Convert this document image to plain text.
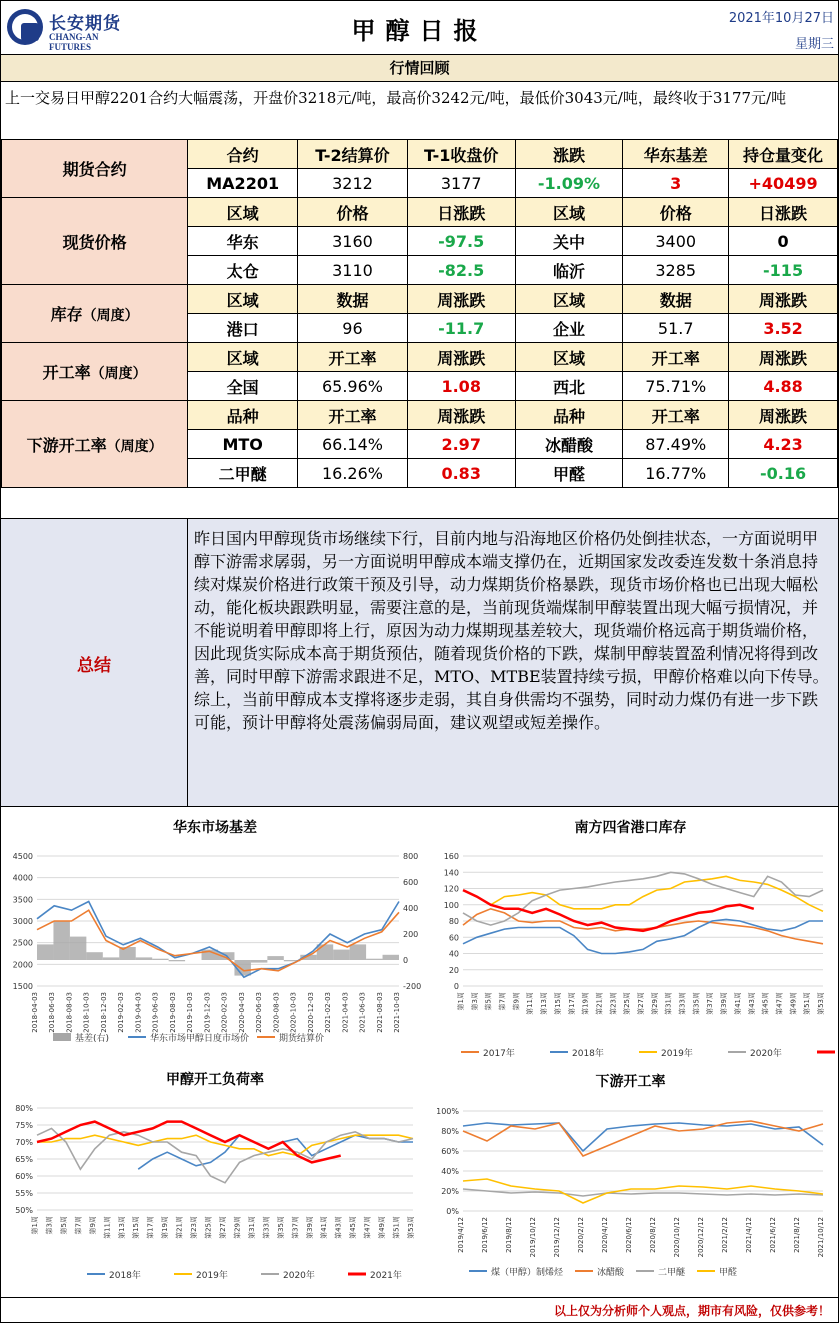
长安期货
CHANG-AN FUTURES
甲醇日报	2021年10月27日
星期三
行情回顾
上一交易日甲醇2201合约大幅震荡，开盘价3218元/吨，最高价3242元/吨，最低价3043元/吨，最终收于3177元/吨
期货合约	合约	T-2结算价	T-1收盘价	涨跌	华东基差	持仓量变化
	MA2201	3212	3177	-1.09%	3	+40499
现货价格	区域	价格	日涨跌	区域	价格	日涨跌
	华东	3160	-97.5	关中	3400	0
	太仓	3110	-82.5	临沂	3285	-115
库存（周度）	区域	数据	周涨跌	区域	数据	周涨跌
	港口	96	-11.7	企业	51.7	3.52
开工率（周度）	区域	开工率	周涨跌	区域	开工率	周涨跌
	全国	65.96%	1.08	西北	75.71%	4.88
下游开工率（周度）	品种	开工率	周涨跌	品种	开工率	周涨跌
	MTO	66.14%	2.97	冰醋酸	87.49%	4.23
	二甲醚	16.26%	0.83	甲醛	16.77%	-0.16
总结

昨日国内甲醇现货市场继续下行，目前内地与沿海地区价格仍处倒挂状态，一方面说明甲醇下游需求孱弱，另一方面说明甲醇成本端支撑仍在，近期国家发改委连发数十条消息持续对煤炭价格进行政策干预及引导，动力煤期货价格暴跌，现货市场价格也已出现大幅松动，能化板块跟跌明显，需要注意的是，当前现货端煤制甲醇装置出现大幅亏损情况，并不能说明着甲醇即将上行，原因为动力煤期现基差较大，现货端价格远高于期货端价格，因此现货实际成本高于期货预估，随着现货价格的下跌，煤制甲醇装置盈利情况将得到改善，同时甲醇下游需求跟进不足，MTO、MTBE装置持续亏损，甲醇价格难以向下传导。综上，当前甲醇成本支撑将逐步走弱，其自身供需均不强势，同时动力煤仍有进一步下跌可能，预计甲醇将处震荡偏弱局面，建议观望或短差操作。

华东市场基差
4500
4000
3500
3000
2500
2000
1500
800
600
400
200
0
-200
2018-04-03 2018-06-03 2018-08-03 2018-10-03 2018-12-03 2019-02-03 2019-04-03 2019-06-03 2019-08-03 2019-10-03 2019-12-03 2020-02-03 2020-04-03 2020-06-03 2020-08-03 2020-10-03 2020-12-03 2021-02-03 2021-04-03 2021-06-03 2021-08-03 2021-10-03
基差(右)	华东市场甲醇日度市场价	期货结算价
南方四省港口库存
160
140
120
100
80
60
40
20
0
第1周 第3周 第5周 第7周 第9周 第11周 第13周 第15周 第17周 第19周 第21周 第23周 第25周 第27周 第29周 第31周 第33周 第35周 第37周 第39周 第41周 第43周 第45周 第47周 第49周 第51周 第53周
2017年	2018年	2019年	2020年
甲醇开工负荷率
80%
75%
70%
65%
60%
55%
50%
第1周 第3周 第5周 第7周 第9周 第11周 第13周 第15周 第17周 第19周 第21周 第23周 第25周 第27周 第29周 第31周 第33周 第35周 第37周 第39周 第41周 第43周 第45周 第47周 第49周 第51周 第53周
2018年	2019年	2020年	2021年
下游开工率
100%
80%
60%
40%
20%
0%
2019/4/12 2019/6/12 2019/8/12 2019/10/12 2019/12/12 2020/2/12 2020/4/12 2020/6/12 2020/8/12 2020/10/12 2020/12/12 2021/2/12 2021/4/12 2021/6/12 2021/8/12 2021/10/12
煤（甲醇）制烯烃	冰醋酸	二甲醚	甲醛
以上仅为分析师个人观点，期市有风险，仅供参考！
